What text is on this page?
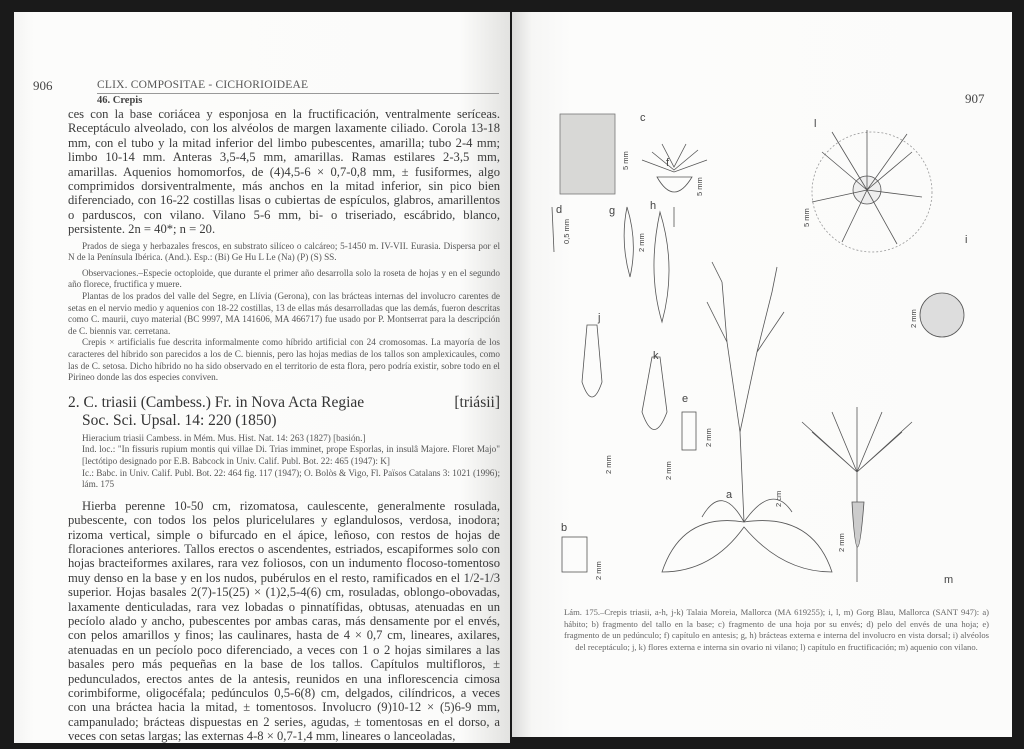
906	CLIX. COMPOSITAE - CICHORIOIDEAE
46. Crepis

ces con la base coriácea y esponjosa en la fructificación, ventralmente seríceas. Receptáculo alveolado, con los alvéolos de margen laxamente ciliado. Corola 13-18 mm, con el tubo y la mitad inferior del limbo pubescentes, amarilla; tubo 2-4 mm; limbo 10-14 mm. Anteras 3,5-4,5 mm, amarillas. Ramas estilares 2-3,5 mm, amarillas. Aquenios homomorfos, de (4)4,5-6 × 0,7-0,8 mm, ± fusiformes, algo comprimidos dorsiventralmente, más anchos en la mitad inferior, sin pico bien diferenciado, con 16-22 costillas lisas o cubiertas de espículos, glabros, amarillentos o parduscos, con vilano. Vilano 5-6 mm, bi- o triseriado, escábrido, blanco, persistente. 2n = 40*; n = 20.

Prados de siega y herbazales frescos, en substrato silíceo o calcáreo; 5-1450 m. IV-VII. Eurasia. Dispersa por el N de la Península Ibérica. (And.). Esp.: (Bi) Ge Hu L Le (Na) (P) (S) SS.

Observaciones.–Especie octoploide, que durante el primer año desarrolla solo la roseta de hojas y en el segundo año florece, fructifica y muere.

Plantas de los prados del valle del Segre, en Llívia (Gerona), con las brácteas internas del involucro carentes de setas en el nervio medio y aquenios con 18-22 costillas, 13 de ellas más desarrolladas que las demás, fueron descritas como C. maurii, cuyo material (BC 9997, MA 141606, MA 466717) fue usado por P. Montserrat para la descripción de C. biennis var. cerretana.

Crepis × artificialis fue descrita informalmente como híbrido artificial con 24 cromosomas. La mayoría de los caracteres del híbrido son parecidos a los de C. biennis, pero las hojas medias de los tallos son amplexicaules, como las de C. setosa. Dicho híbrido no ha sido observado en el territorio de esta flora, pero podría existir, sobre todo en el Pirineo donde las dos especies conviven.

2. C. triasii (Cambess.) Fr. in Nova Acta Regiae	[triásii]
Soc. Sci. Upsal. 14: 220 (1850)

Hieracium triasii Cambess. in Mém. Mus. Hist. Nat. 14: 263 (1827) [basión.]

Ind. loc.: "In fissuris rupium montis qui villae Di. Trias imminet, prope Esporlas, in insulâ Majore. Floret Majo" [lectótipo designado por E.B. Babcock in Univ. Calif. Publ. Bot. 22: 465 (1947): K]

Ic.: Babc. in Univ. Calif. Publ. Bot. 22: 464 fig. 117 (1947); O. Bolòs & Vigo, Fl. Països Catalans 3: 1021 (1996); lám. 175

Hierba perenne 10-50 cm, rizomatosa, caulescente, generalmente rosulada, pubescente, con todos los pelos pluricelulares y eglandulosos, verdosa, inodora; rizoma vertical, simple o bifurcado en el ápice, leñoso, con restos de hojas de floraciones anteriores. Tallos erectos o ascendentes, estriados, escapiformes solo con hojas bracteiformes axilares, rara vez foliosos, con un indumento flocoso-tomentoso muy denso en la base y en los nudos, pubérulos en el resto, ramificados en el 1/2-1/3 superior. Hojas basales 2(7)-15(25) × (1)2,5-4(6) cm, rosuladas, oblongo-obovadas, laxamente denticuladas, rara vez lobadas o pinnatífidas, obtusas, atenuadas en un pecíolo alado y ancho, pubescentes por ambas caras, más densamente por el envés, con pelos amarillos y finos; las caulinares, hasta de 4 × 0,7 cm, lineares, axilares, atenuadas en un pecíolo poco diferenciado, a veces con 1 o 2 hojas similares a las basales pero más pequeñas en la base de los tallos. Capítulos multifloros, ± pedunculados, erectos antes de la antesis, reunidos en una inflorescencia cimosa corimbiforme, oligocéfala; pedúnculos 0,5-6(8) cm, delgados, cilíndricos, a veces con una bráctea hacia la mitad, ± tomentosos. Involucro (9)10-12 × (5)6-9 mm, campanulado; brácteas dispuestas en 2 series, agudas, ± tomentosas en el dorso, a veces con setas largas; las externas 4-8 × 0,7-1,4 mm, lineares o lanceoladas,

907
c
f
l
d	g	h
i
j
k
e
a
m
b
5 mm
5 mm
5 mm
0,5 mm	2 mm
2 mm
2 mm	2 mm
2 mm
2 cm
2 mm
2 mm
Lám. 175.–Crepis triasii, a-h, j-k) Talaia Moreia, Mallorca (MA 619255); i, l, m) Gorg Blau, Mallorca (SANT 947): a) hábito; b) fragmento del tallo en la base; c) fragmento de una hoja por su envés; d) pelo del envés de una hoja; e) fragmento de un pedúnculo; f) capítulo en antesis; g, h) brácteas externa e interna del involucro en vista dorsal; i) alvéolos del receptáculo; j, k) flores externa e interna sin ovario ni vilano; l) capítulo en fructificación; m) aquenio con vilano.
